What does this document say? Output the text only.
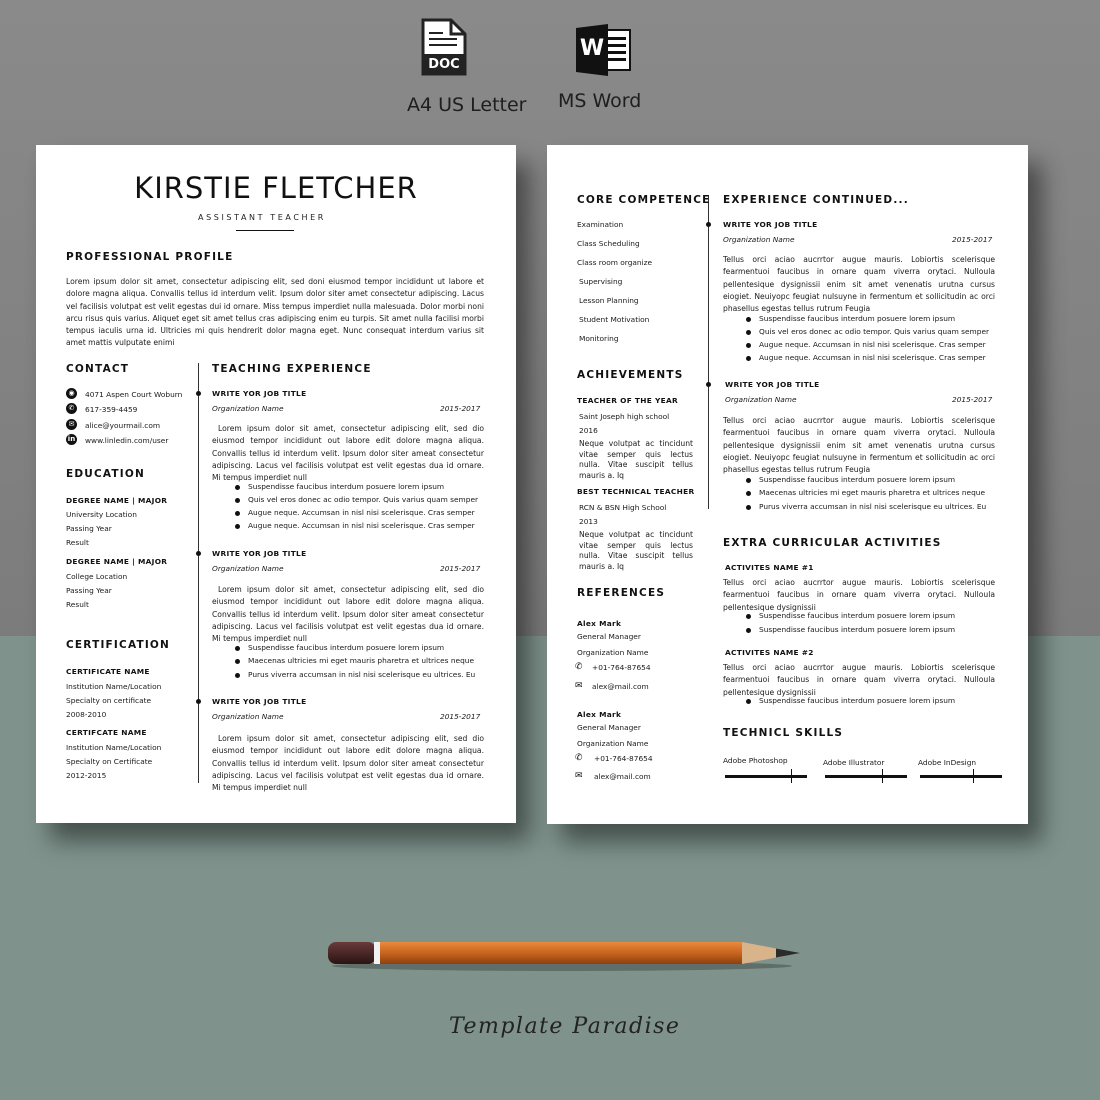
DOC
A4 US Letter
W
MS Word
KIRSTIE FLETCHER
ASSISTANT TEACHER
PROFESSIONAL PROFILE
Lorem ipsum dolor sit amet, consectetur adipiscing elit, sed doni eiusmod tempor incididunt ut labore et dolore magna aliqua. Convallis tellus id interdum velit. Ipsum dolor siter amet consectetur adipiscing. Lacus vel facilisis volutpat est velit egestas dui id ornare. Miss tempus imperdiet nulla malesuada. Dolor morbi noni arcu risus quis varius. Aliquet eget sit amet tellus cras adipiscing enim eu turpis. Sit amet nulla facilisi morbi tempus iaculis urna id. Ultricies mi quis hendrerit dolor magna eget. Nunc consequat interdum varius sit amet mattis vulputate enimi
CONTACT
◉	4071 Aspen Court Woburn
✆	617-359-4459
✉	alice@yourmail.com
in www.linledin.com/user
EDUCATION
DEGREE NAME | MAJOR
University Location
Passing Year
Result
DEGREE NAME | MAJOR
College Location
Passing Year
Result
CERTIFICATION
CERTIFICATE NAME
Institution Name/Location
Specialty on certificate
2008-2010
CERTIFCATE NAME
Institution Name/Location
Specialty on Certificate
2012-2015
TEACHING EXPERIENCE
WRITE YOR JOB TITLE
Organization Name	2015-2017
Lorem ipsum dolor sit amet, consectetur adipiscing elit, sed dio eiusmod tempor incididunt out labore edit dolore magna aliqua. Convallis tellus id interdum velit. Ipsum dolor siter ameat consectetur adipiscing. Lacus vel facilisis volutpat est velit egestas dua id ornare. Mi tempus imperdiet null
Suspendisse faucibus interdum posuere lorem ipsum
Quis vel eros donec ac odio tempor. Quis varius quam semper
Augue neque. Accumsan in nisl nisi scelerisque. Cras semper
Augue neque. Accumsan in nisl nisi scelerisque. Cras semper
WRITE YOR JOB TITLE
Organization Name	2015-2017
Lorem ipsum dolor sit amet, consectetur adipiscing elit, sed dio eiusmod tempor incididunt out labore edit dolore magna aliqua. Convallis tellus id interdum velit. Ipsum dolor siter ameat consectetur adipiscing. Lacus vel facilisis volutpat est velit egestas dua id ornare. Mi tempus imperdiet null
Suspendisse faucibus interdum posuere lorem ipsum
Maecenas ultricies mi eget mauris pharetra et ultrices neque
Purus viverra accumsan in nisl nisi scelerisque eu ultrices. Eu
WRITE YOR JOB TITLE
Organization Name	2015-2017
Lorem ipsum dolor sit amet, consectetur adipiscing elit, sed dio eiusmod tempor incididunt out labore edit dolore magna aliqua. Convallis tellus id interdum velit. Ipsum dolor siter ameat consectetur adipiscing. Lacus vel facilisis volutpat est velit egestas dua id ornare. Mi tempus imperdiet null
CORE COMPETENCE
Examination
Class Scheduling
Class room organize
Supervising
Lesson Planning
Student Motivation
Monitoring
ACHIEVEMENTS
TEACHER OF THE YEAR
Saint Joseph high school
2016
Neque volutpat ac tincidunt vitae semper quis lectus nulla. Vitae suscipit tellus mauris a. Iq
BEST TECHNICAL TEACHER
RCN & BSN High School
2013
Neque volutpat ac tincidunt vitae semper quis lectus nulla. Vitae suscipit tellus mauris a. Iq
REFERENCES
Alex Mark
General Manager
Organization Name
✆	+01-764-87654
✉	alex@mail.com
Alex Mark
General Manager
Organization Name
✆	+01-764-87654
✉	alex@mail.com
EXPERIENCE CONTINUED...
WRITE YOR JOB TITLE
Organization Name	2015-2017
Tellus orci aciao aucrrtor augue mauris. Lobiortis scelerisque fearmentuoi faucibus in ornare quam viverra orytaci. Nulloula pellentesique dysignissii enim sit amet venenatis urutna cursus eiogiet. Neuiyopc feugiat nulsuyne in fermentum et sollicitudin ac orci phasellus egestas tellus rutrum Feugia
Suspendisse faucibus interdum posuere lorem ipsum
Quis vel eros donec ac odio tempor. Quis varius quam semper
Augue neque. Accumsan in nisl nisi scelerisque. Cras semper
Augue neque. Accumsan in nisl nisi scelerisque. Cras semper
WRITE YOR JOB TITLE
Organization Name	2015-2017
Tellus orci aciao aucrrtor augue mauris. Lobiortis scelerisque fearmentuoi faucibus in ornare quam viverra orytaci. Nulloula pellentesique dysignissii enim sit amet venenatis urutna cursus eiogiet. Neuiyopc feugiat nulsuyne in fermentum et sollicitudin ac orci phasellus egestas tellus rutrum Feugia
Suspendisse faucibus interdum posuere lorem ipsum
Maecenas ultricies mi eget mauris pharetra et ultrices neque
Purus viverra accumsan in nisl nisi scelerisque eu ultrices. Eu
EXTRA CURRICULAR ACTIVITIES
ACTIVITES NAME #1
Tellus orci aciao aucrrtor augue mauris. Lobiortis scelerisque fearmentuoi faucibus in ornare quam viverra orytaci. Nulloula pellentesique dysignissii
Suspendisse faucibus interdum posuere lorem ipsum
Suspendisse faucibus interdum posuere lorem ipsum
ACTIVITES NAME #2
Tellus orci aciao aucrrtor augue mauris. Lobiortis scelerisque fearmentuoi faucibus in ornare quam viverra orytaci. Nulloula pellentesique dysignissii
Suspendisse faucibus interdum posuere lorem ipsum
TECHNICL SKILLS
Adobe Photoshop	Adobe Illustrator	Adobe InDesign
Template Paradise
